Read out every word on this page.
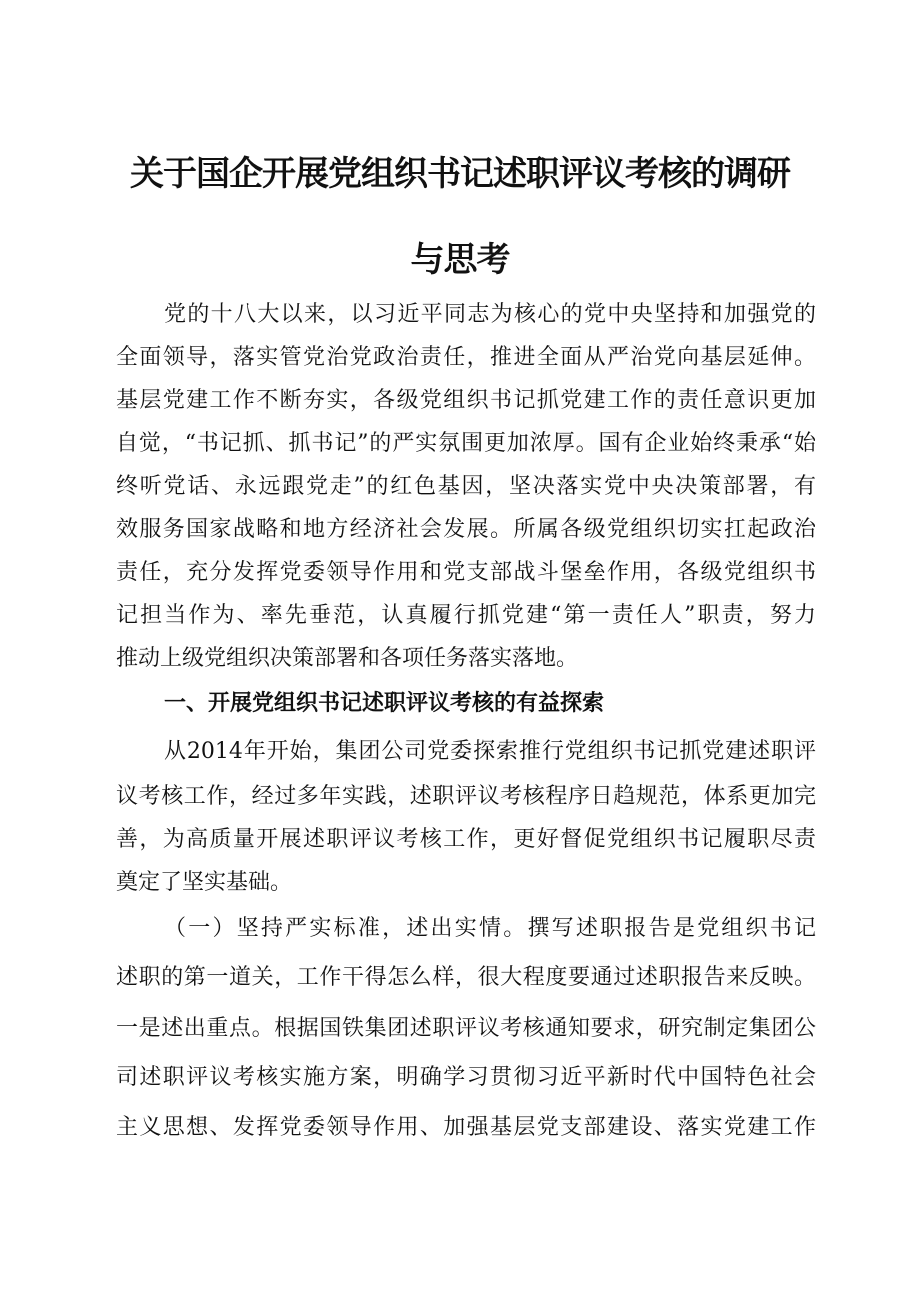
关于国企开展党组织书记述职评议考核的调研
与思考

党的十八大以来，以习近平同志为核心的党中央坚持和加强党的

全面领导，落实管党治党政治责任，推进全面从严治党向基层延伸。

基层党建工作不断夯实，各级党组织书记抓党建工作的责任意识更加

自觉，“书记抓、抓书记”的严实氛围更加浓厚。国有企业始终秉承“始

终听党话、永远跟党走”的红色基因，坚决落实党中央决策部署，有

效服务国家战略和地方经济社会发展。所属各级党组织切实扛起政治

责任，充分发挥党委领导作用和党支部战斗堡垒作用，各级党组织书

记担当作为、率先垂范，认真履行抓党建“第一责任人”职责，努力

推动上级党组织决策部署和各项任务落实落地。

一、开展党组织书记述职评议考核的有益探索

从2014年开始，集团公司党委探索推行党组织书记抓党建述职评

议考核工作，经过多年实践，述职评议考核程序日趋规范，体系更加完

善，为高质量开展述职评议考核工作，更好督促党组织书记履职尽责

奠定了坚实基础。

（一）坚持严实标准，述出实情。撰写述职报告是党组织书记

述职的第一道关，工作干得怎么样，很大程度要通过述职报告来反映。

一是述出重点。根据国铁集团述职评议考核通知要求，研究制定集团公

司述职评议考核实施方案，明确学习贯彻习近平新时代中国特色社会

主义思想、发挥党委领导作用、加强基层党支部建设、落实党建工作
